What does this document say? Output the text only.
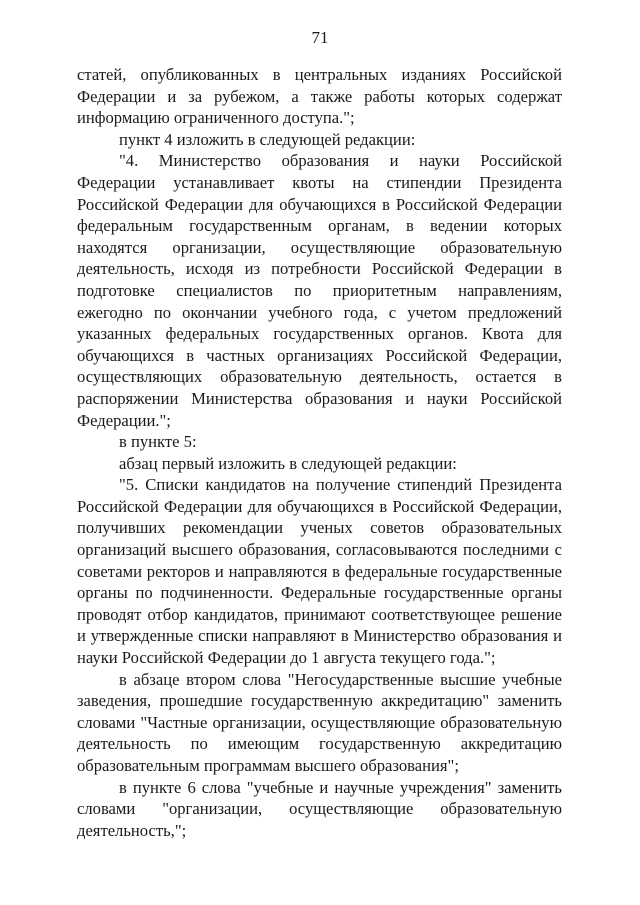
71

статей, опубликованных в центральных изданиях Российской Федерации и за рубежом, а также работы которых содержат информацию ограниченного доступа.";

пункт 4 изложить в следующей редакции:

"4. Министерство образования и науки Российской Федерации устанавливает квоты на стипендии Президента Российской Федерации для обучающихся в Российской Федерации федеральным государственным органам, в ведении которых находятся организации, осуществляющие образовательную деятельность, исходя из потребности Российской Федерации в подготовке специалистов по приоритетным направлениям, ежегодно по окончании учебного года, с учетом предложений указанных федеральных государственных органов. Квота для обучающихся в частных организациях Российской Федерации, осуществляющих образовательную деятельность, остается в распоряжении Министерства образования и науки Российской Федерации.";

в пункте 5:

абзац первый изложить в следующей редакции:

"5. Списки кандидатов на получение стипендий Президента Российской Федерации для обучающихся в Российской Федерации, получивших рекомендации ученых советов образовательных организаций высшего образования, согласовываются последними с советами ректоров и направляются в федеральные государственные органы по подчиненности. Федеральные государственные органы проводят отбор кандидатов, принимают соответствующее решение и утвержденные списки направляют в Министерство образования и науки Российской Федерации до 1 августа текущего года.";

в абзаце втором слова "Негосударственные высшие учебные заведения, прошедшие государственную аккредитацию" заменить словами "Частные организации, осуществляющие образовательную деятельность по имеющим государственную аккредитацию образовательным программам высшего образования";

в пункте 6 слова "учебные и научные учреждения" заменить словами "организации, осуществляющие образовательную деятельность,";
